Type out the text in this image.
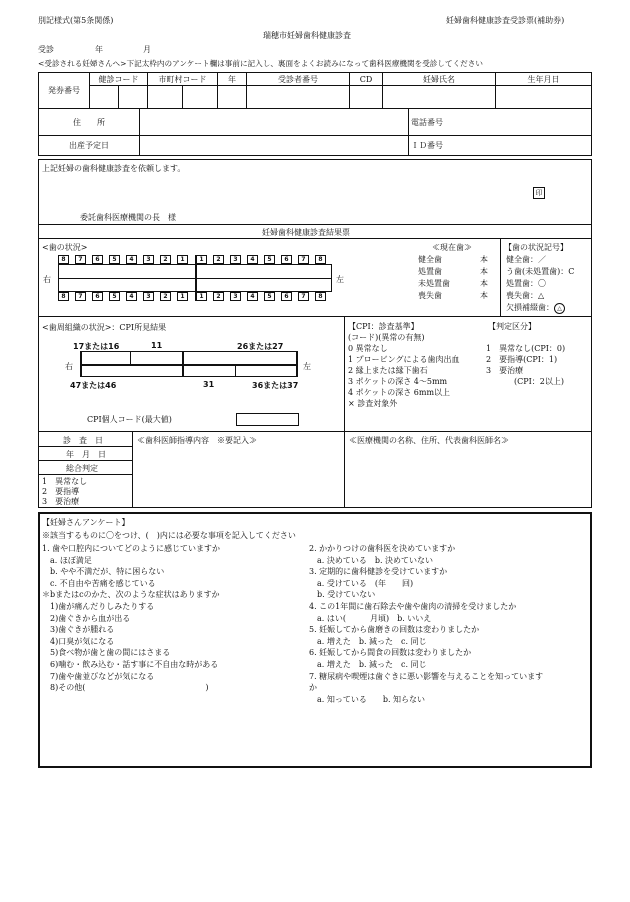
別記様式(第5条関係)	妊婦歯科健康診査受診票(補助券)
瑞穂市妊婦歯科健康診査
受診	年	月
<受診される妊婦さんへ>下記太枠内のアンケート欄は事前に記入し、裏面をよくお読みになって歯科医療機関を受診してください
発券番号	健診コード		市町村コード		年	受診者番号	CD	妊婦氏名	生年月日

住　　所		電話番号
出産予定日		ＩＤ番号
上記妊婦の歯科健康診査を依頼します。
印
委託歯科医療機関の長　様
妊婦歯科健康診査結果票
<歯の状況>
右	左
8	7	6	5	4	3	2	1	1	2	3	4	5	6	7	8
8	7	6	5	4	3	2	1	1	2	3	4	5	6	7	8
≪現在歯≫
健全歯	本
処置歯	本
未処置歯	本
喪失歯	本
【歯の状況記号】
健全歯：／
う歯(未処置歯)：C
処置歯：〇
喪失歯：△
欠損補綴歯： △
<歯周組織の状況>：CPI所見結果
17または16	11	26または27
右	左
47または46	31	36または37
CPI個人コード(最大値)
【CPI：診査基準】
(コード)(異常の有無)
0 異常なし
1 プロービングによる歯肉出血
2 縁上または縁下歯石
3 ポケットの深さ 4～5mm
4 ポケットの深さ 6mm以上
× 診査対象外
【判定区分】
1　異常なし(CPI：0)
2　要指導(CPI：1)
3　要治療
(CPI：2以上)
診　査　日
年　月　日
総合判定
1　異常なし
2　要指導
3　要治療
≪歯科医師指導内容　※要記入≫	≪医療機関の名称、住所、代表歯科医師名≫
【妊婦さんアンケート】
※該当するものに〇をつけ、(　)内には必要な事項を記入してください
1. 歯や口腔内についてどのように感じていますか
　a. ほぼ満足
　b. やや不満だが、特に困らない
　c. 不自由や苦痛を感じている
＊bまたはcのかた、次のような症状はありますか
　1)歯が痛んだりしみたりする
　2)歯ぐきから血が出る
　3)歯ぐきが腫れる
　4)口臭が気になる
　5)食べ物が歯と歯の間にはさまる
　6)噛む・飲み込む・話す事に不自由な時がある
　7)歯や歯並びなどが気になる
　8)その他(　　　　　　　　　　　　　　　)
2. かかりつけの歯科医を決めていますか
　a. 決めている　b. 決めていない
3. 定期的に歯科健診を受けていますか
　a. 受けている　(年　　回)
　b. 受けていない
4. この1年間に歯石除去や歯や歯肉の清掃を受けましたか
　a. はい(　　　月頃)　b. いいえ
5. 妊娠してから歯磨きの回数は変わりましたか
　a. 増えた　b. 減った　c. 同じ
6. 妊娠してから間食の回数は変わりましたか
　a. 増えた　b. 減った　c. 同じ
7. 糖尿病や喫煙は歯ぐきに悪い影響を与えることを知っています
か
　a. 知っている　　b. 知らない
